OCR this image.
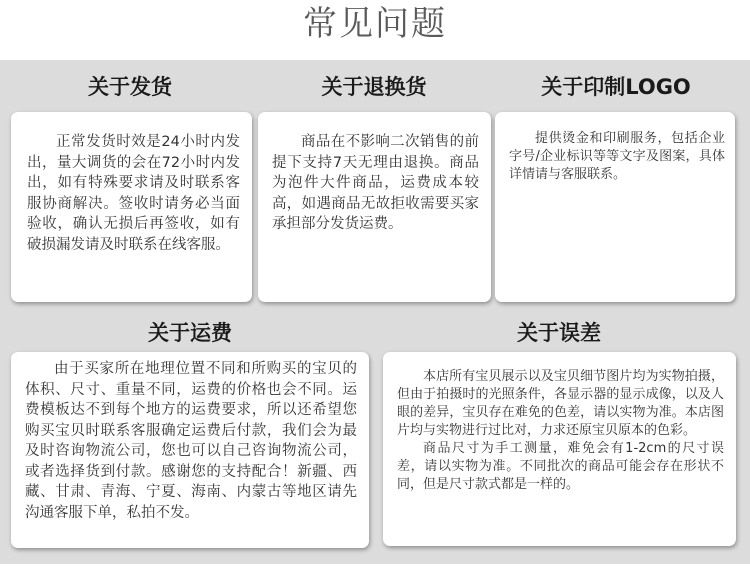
常见问题
关于发货	关于退换货	关于印制LOGO

正常发货时效是24小时内发出，量大调货的会在72小时内发出，如有特殊要求请及时联系客服协商解决。签收时请务必当面验收，确认无损后再签收，如有破损漏发请及时联系在线客服。

商品在不影响二次销售的前提下支持7天无理由退换。商品为泡件大件商品，运费成本较高，如遇商品无故拒收需要买家承担部分发货运费。

提供烫金和印刷服务，包括企业字号/企业标识等等文字及图案，具体详情请与客服联系。

关于运费	关于误差

由于买家所在地理位置不同和所购买的宝贝的体积、尺寸、重量不同，运费的价格也会不同。运费模板达不到每个地方的运费要求，所以还希望您购买宝贝时联系客服确定运费后付款，我们会为最及时咨询物流公司，您也可以自己咨询物流公司，或者选择货到付款。感谢您的支持配合！新疆、西藏、甘肃、青海、宁夏、海南、内蒙古等地区请先沟通客服下单，私拍不发。

本店所有宝贝展示以及宝贝细节图片均为实物拍摄，但由于拍摄时的光照条件，各显示器的显示成像，以及人眼的差异，宝贝存在难免的色差，请以实物为准。本店图片均与实物进行过比对，力求还原宝贝原本的色彩。

商品尺寸为手工测量，难免会有1-2cm的尺寸误差，请以实物为准。不同批次的商品可能会存在形状不同，但是尺寸款式都是一样的。
